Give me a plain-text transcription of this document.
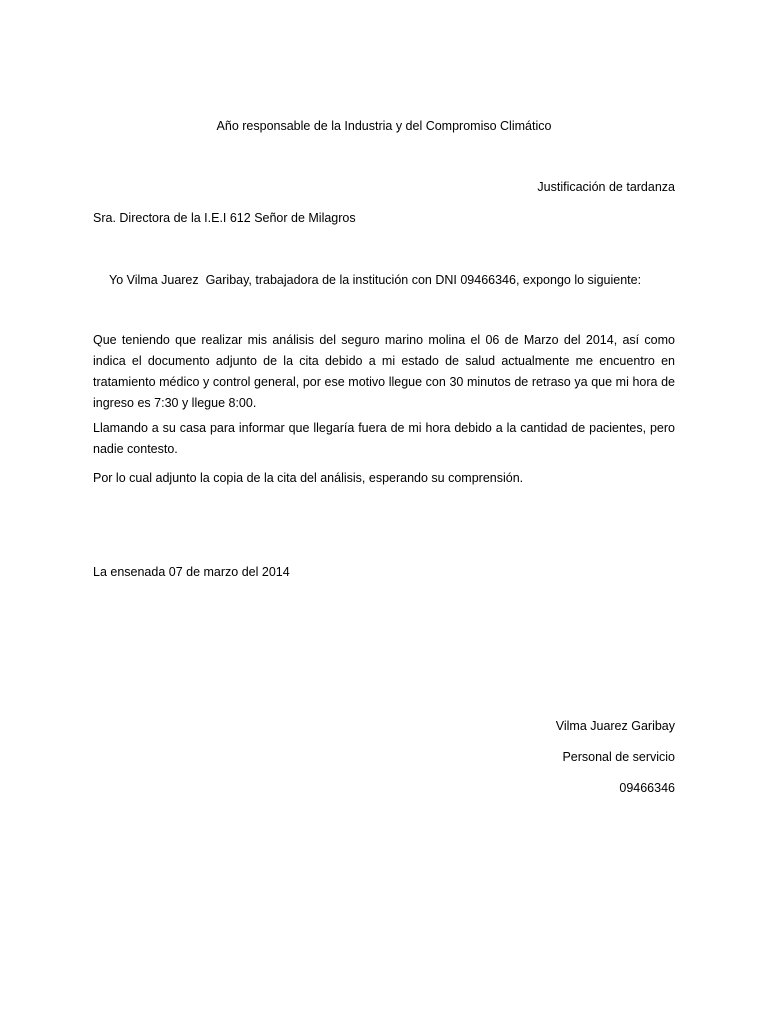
Año responsable de la Industria y del Compromiso Climático
Justificación de tardanza
Sra. Directora de la I.E.I 612 Señor de Milagros
Yo Vilma Juarez  Garibay, trabajadora de la institución con DNI 09466346, expongo lo siguiente:
Que teniendo que realizar mis análisis del seguro marino molina el 06 de Marzo del 2014, así como indica el documento adjunto de la cita debido a mi estado de salud actualmente me encuentro en tratamiento médico y control general, por ese motivo llegue con 30 minutos de retraso ya que mi hora de ingreso es 7:30 y llegue 8:00.
Llamando a su casa para informar que llegaría fuera de mi hora debido a la cantidad de pacientes, pero nadie contesto.
Por lo cual adjunto la copia de la cita del análisis, esperando su comprensión.
La ensenada 07 de marzo del 2014
Vilma Juarez Garibay
Personal de servicio
09466346
